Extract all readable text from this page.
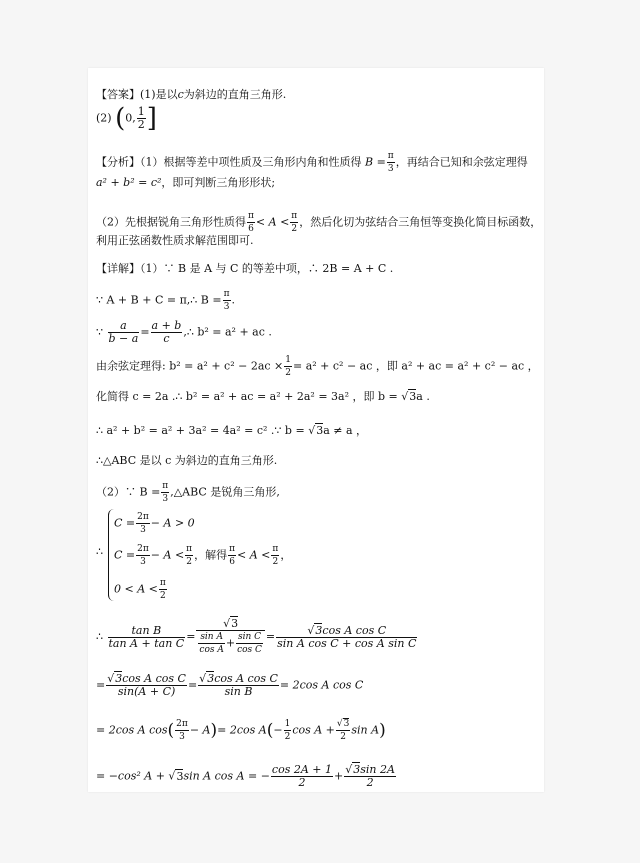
【答案】(1)是以c为斜边的直角三角形.
(2) (0, $\frac{1}{2}$ ]
【分析】（1）根据等差中项性质及三角形内角和性质得 $B = \frac{\pi}{3}$ ，再结合已知和余弦定理得
a² + b² = c²，即可判断三角形形状;
（2）先根据锐角三角形性质得 $\frac{\pi}{6} < A < \frac{\pi}{2}$ ，然后化切为弦结合三角恒等变换化简目标函数，
利用正弦函数性质求解范围即可.
【详解】（1）∵ B 是 A 与 C 的等差中项，∴ 2B = A + C .
∵ A + B + C = π,∴ $B = \frac{\pi}{3}$ .
∵ $\frac{a}{b - a} = \frac{a + b}{c}$ ,∴ b² = a² + ac .
由余弦定理得: $b^2 = a^2 + c^2 - 2ac \times \frac{1}{2} = a^2 + c^2$ − ac ，即 a² + ac = a² + c² − ac ，
化简得 c = 2a .∴ b² = a² + ac = a² + 2a² = 3a² ，即 b = √3a .
∴ a² + b² = a² + 3a² = 4a² = c² .∵ b = √3a ≠ a ，
∴△ABC 是以 c 为斜边的直角三角形.
（2）∵ $B = \frac{\pi}{3}$ ,△ABC 是锐角三角形,
∴
$C = \frac{2\pi}{3} - A > 0$
$C = \frac{2\pi}{3} - A < \frac{\pi}{2}$ ，解得 $\frac{\pi}{6} < A < \frac{\pi}{2}$ ，
$0 < A < \frac{\pi}{2}$
∴ $\frac{\text{tan B}}{\text{tan A + tan C}} = \frac{√3}{\frac{\text{sin A}}{\text{cos A}} + \frac{\text{sin C}}{\text{cos C}}} = \frac{\text{√3cos A cos C}}{\text{sin A cos C + cos A sin C}}$
= $\frac{\text{√3cos A cos C}}{\sin(A + C)} = \frac{\text{√3cos A cos C}}{\text{sin B}} = 2\cos$ A cos C
= 2cos A $\cos( \frac{2\pi}{3} - A)= 2\cos$ $A(- \frac{1}{2}$ $\cos A + \frac{√3}{2}$ sin A)
= −cos² A + √3sin A cos A = − $\frac{\cos 2A + 1}{2} + \frac{√3\sin 2A}{2}$
